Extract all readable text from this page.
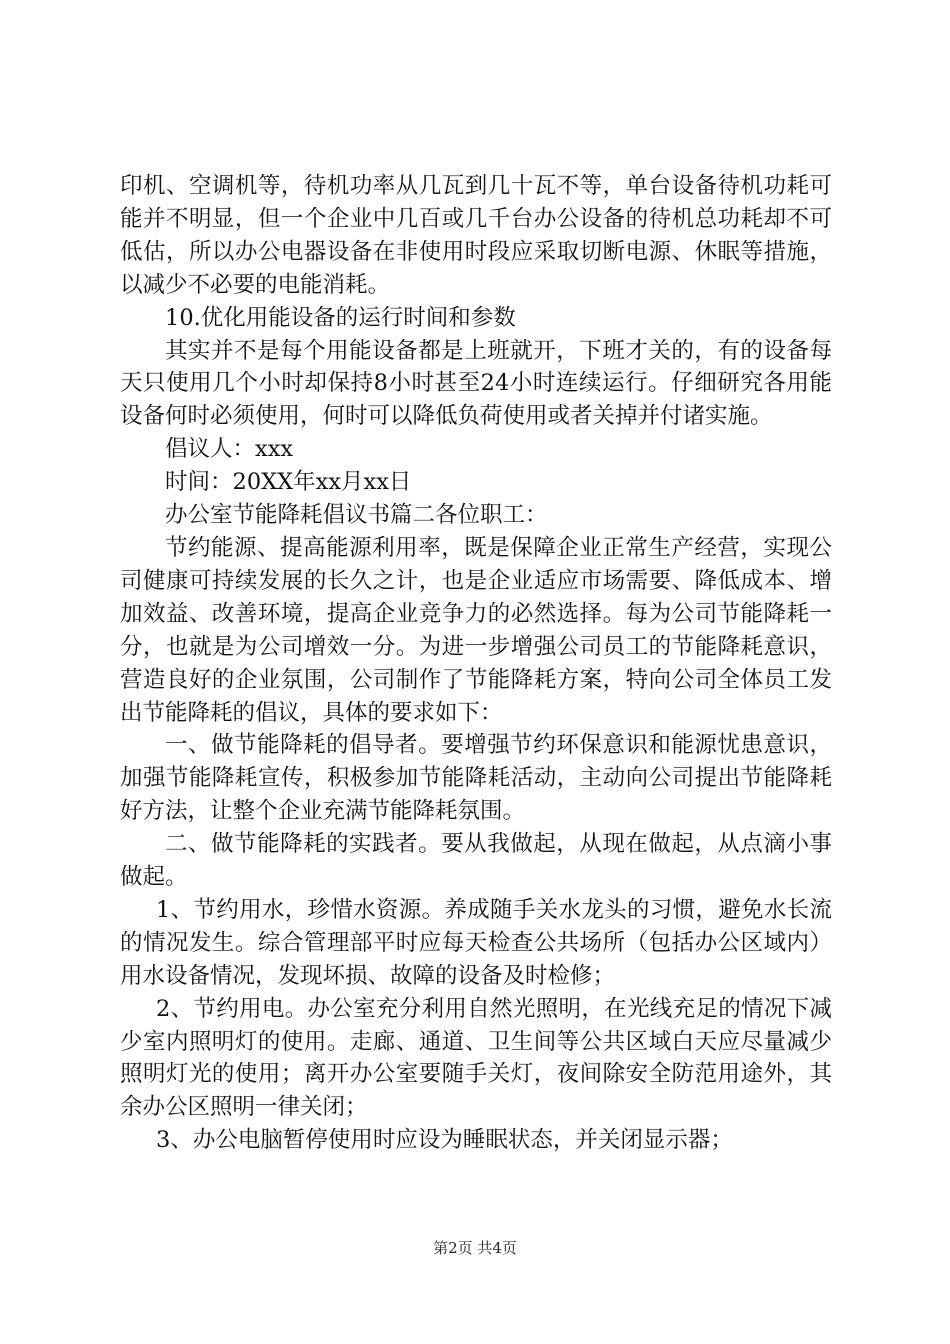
印机、空调机等，待机功率从几瓦到几十瓦不等，单台设备待机功耗可能并不明显，但一个企业中几百或几千台办公设备的待机总功耗却不可低估，所以办公电器设备在非使用时段应采取切断电源、休眠等措施，以减少不必要的电能消耗。

10.优化用能设备的运行时间和参数

其实并不是每个用能设备都是上班就开，下班才关的，有的设备每天只使用几个小时却保持8小时甚至24小时连续运行。仔细研究各用能设备何时必须使用，何时可以降低负荷使用或者关掉并付诸实施。

倡议人：xxx

时间：20XX年xx月xx日

办公室节能降耗倡议书篇二各位职工：

节约能源、提高能源利用率，既是保障企业正常生产经营，实现公司健康可持续发展的长久之计，也是企业适应市场需要、降低成本、增加效益、改善环境，提高企业竞争力的必然选择。每为公司节能降耗一分，也就是为公司增效一分。为进一步增强公司员工的节能降耗意识，营造良好的企业氛围，公司制作了节能降耗方案，特向公司全体员工发出节能降耗的倡议，具体的要求如下：

一、做节能降耗的倡导者。要增强节约环保意识和能源忧患意识，加强节能降耗宣传，积极参加节能降耗活动，主动向公司提出节能降耗好方法，让整个企业充满节能降耗氛围。

二、做节能降耗的实践者。要从我做起，从现在做起，从点滴小事做起。

1、节约用水，珍惜水资源。养成随手关水龙头的习惯，避免水长流的情况发生。综合管理部平时应每天检查公共场所（包括办公区域内）用水设备情况，发现坏损、故障的设备及时检修；

2、节约用电。办公室充分利用自然光照明，在光线充足的情况下减少室内照明灯的使用。走廊、通道、卫生间等公共区域白天应尽量减少照明灯光的使用；离开办公室要随手关灯，夜间除安全防范用途外，其余办公区照明一律关闭；

3、办公电脑暂停使用时应设为睡眠状态，并关闭显示器；

第2页 共4页
